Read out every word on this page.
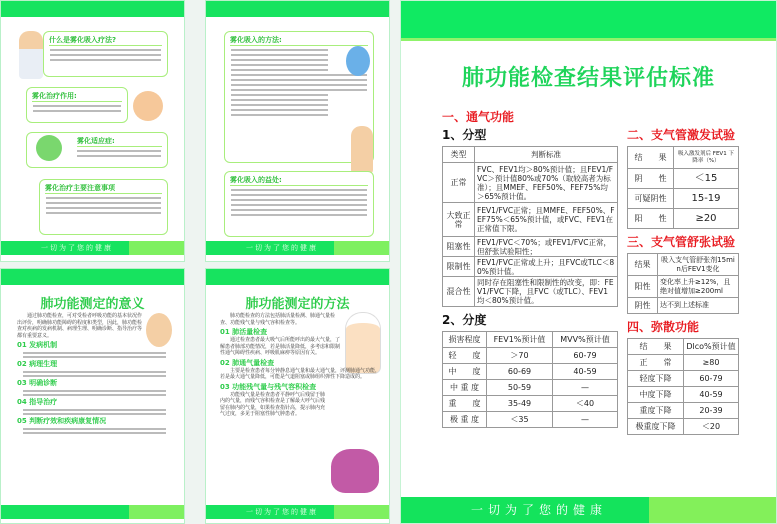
什么是雾化吸入疗法?
雾化治疗作用:
雾化适应症:
雾化治疗主要注意事项
一切为了您的健康
雾化吸入的方法:
雾化吸入的益处:
一切为了您的健康
肺功能测定的意义

通过肺功能检查，可对受检者呼吸功能的基本状况作出评价，明确肺功能障碍的程度和类型，因此，肺功能检查对疾病的发病机制、病理生理、明确诊断、指导治疗等都有重要意义。

01 发病机制
02 病理生理
03 明确诊断
04 指导治疗
05 判断疗效和疾病康复情况
肺功能测定的方法

肺功能检查的方法包括肺活量检测、肺通气量检查、功能残气量与残气容积检查等。

01 肺活量检查

通过检查患者最大吸气后所能呼出的最大气量，了解患者肺部功能情况，若是肺活量降低，多考虑和限制性通气障碍性疾病、呼吸肌麻痹等原因有关。

02 肺通气量检查

主要是检查患者每分钟静息通气量和最大通气量，评测肺通气功能，若是最大通气量降低，可能是气道阻塞或肺组织弹性下降造成的。

03 功能残气量与残气容积检查

功能残气量是检查患者平静呼气后残留于肺内的气量，而残气容积检查是了解最大呼气后残留在肺内的气量，如果检查指针高，提示肺内充气过度，多见于阻塞性肺气肿患者。

一切为了您的健康
肺功能检查结果评估标准
一、通气功能
1、分型
类型	判断标准
正常	FVC、FEV1均＞80%预计值；且FEV1/FVC＞预计值80%或70%（取较高者为标准）；且MMEF、FEF50%、FEF75%均＞65%预计值。
大致正常	FEV1/FVC正常；且MMFE、FEF50%、FEF75%＜65%预计值，或FVC、FEV1在正常值下限。
阻塞性	FEV1/FVC＜70%；或FEV1/FVC正常，但舒张试验阳性；
限制性	FEV1/FVC正常或上升；且FVC或TLC＜80%预计值。
混合性	同时存在阻塞性和限制性的改变，即：FEV1/FVC下降，且FVC（或TLC）、FEV1均＜80%预计值。
2、分度
损害程度	FEV1%预计值	MVV%预计值
轻　　度	＞70	60-79
中　　度	60-69	40-59
中 重 度	50-59	—
重　　度	35-49	＜40
极 重 度	＜35	—
二、支气管激发试验
结　　果	吸入激发剂后 FEV1 下降率（%）
阴　　性	＜15
可疑阴性	15-19
阳　　性	≥20
三、支气管舒张试验
结果	吸入支气管舒张剂15min后FEV1变化
阳性	变化率上升≥12%，且绝对值增加≥200ml
阴性	达不到上述标准
四、弥散功能
结　　果	Dlco%预计值
正　　常	≥80
轻度下降	60-79
中度下降	40-59
重度下降	20-39
极重度下降	＜20
一切为了您的健康
